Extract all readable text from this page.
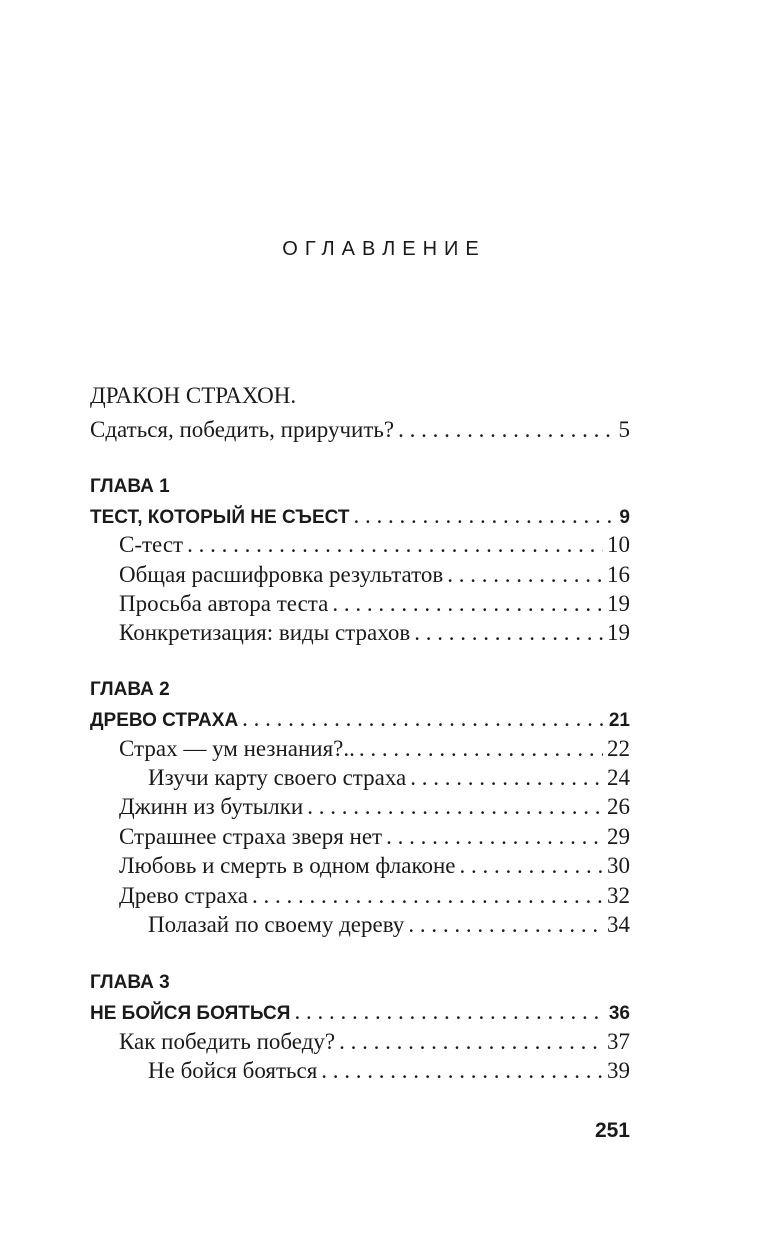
ОГЛАВЛЕНИЕ
ДРАКОН СТРАХОН.
Сдаться, победить, приручить? . . .	5
ГЛАВА 1
ТЕСТ, КОТОРЫЙ НЕ СЪЕСТ . . .	9
С-тест . . .	10
Общая расшифровка результатов . . .	16
Просьба автора теста . . .	19
Конкретизация: виды страхов . . .	19
ГЛАВА 2
ДРЕВО СТРАХА . . .	21
Страх — ум незнания?.. . . .	22
Изучи карту своего страха . . .	24
Джинн из бутылки . . .	26
Страшнее страха зверя нет . . .	29
Любовь и смерть в одном флаконе . . .	30
Древо страха . . .	32
Полазай по своему дереву . . .	34
ГЛАВА 3
НЕ БОЙСЯ БОЯТЬСЯ . . .	36
Как победить победу? . . .	37
Не бойся бояться . . .	39
251
